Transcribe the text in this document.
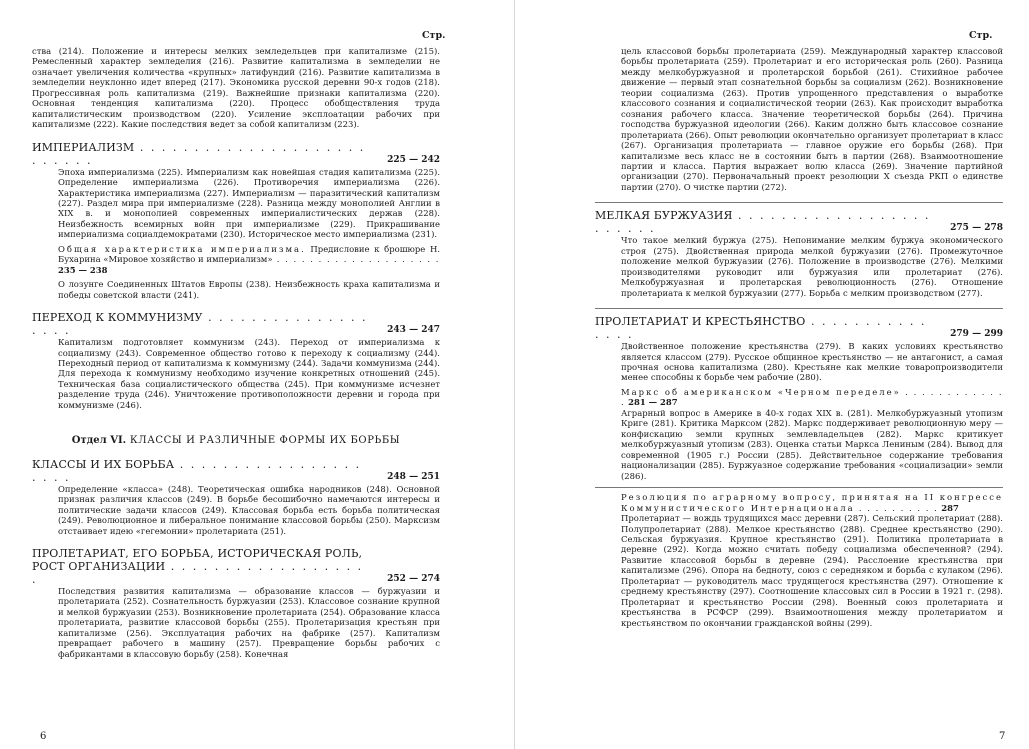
Стр.
ства (214). Положение и интересы мелких земледельцев при капитализме (215). Ремесленный характер земледелия (216). Развитие капитализма в земледелии не означает увеличения количества «крупных» латифундий (216). Развитие капитализма в земледелии неуклонно идет вперед (217). Экономика русской деревни 90-х годов (218). Прогрессивная роль капитализма (219). Важнейшие признаки капитализма (220). Основная тенденция капитализма (220). Процесс обобществления труда капиталистическим производством (220). Усиление эксплоатации рабочих при капитализме (222). Какие последствия ведет за собой капитализм (223).
ИМПЕРИАЛИЗМ . . . . . . . . . . . . . . . . . . . . . . . . . . .	225 — 242
Эпоха империализма (225). Империализм как новейшая стадия капитализма (225). Определение империализма (226). Противоречия империализма (226). Характеристика империализма (227). Империализм — паразитический капитализм (227). Раздел мира при империализме (228). Разница между монополией Англии в XIX в. и монополией современных империалистических держав (228). Неизбежность всемирных войн при империализме (229). Прикрашивание империализма социалдемократами (230). Историческое место империализма (231).
Общая характеристика империализма. Предисловие к брошюре Н. Бухарина «Мировое хозяйство и империализм» . . . . . . . . . . . . . . . . . . . . 235 — 238
О лозунге Соединенных Штатов Европы (238). Неизбежность краха капитализма и победы советской власти (241).
ПЕРЕХОД К КОММУНИЗМУ . . . . . . . . . . . . . . . . . . .	243 — 247
Капитализм подготовляет коммунизм (243). Переход от империализма к социализму (243). Современное общество готово к переходу к социализму (244). Переходный период от капитализма к коммунизму (244). Задачи коммунизма (244). Для перехода к коммунизму необходимо изучение конкретных отношений (245). Техническая база социалистического общества (245). При коммунизме исчезнет разделение труда (246). Уничтожение противоположности деревни и города при коммунизме (246).
Отдел VI. КЛАССЫ И РАЗЛИЧНЫЕ ФОРМЫ ИХ БОРЬБЫ
КЛАССЫ И ИХ БОРЬБА . . . . . . . . . . . . . . . . . . . . .	248 — 251
Определение «класса» (248). Теоретическая ошибка народников (248). Основной признак различия классов (249). В борьбе бесошибочно намечаются интересы и политические задачи классов (249). Классовая борьба есть борьба политическая (249). Революционное и либеральное понимание классовой борьбы (250). Марксизм отстаивает идею «гегемонии» пролетариата (251).
ПРОЛЕТАРИАТ, ЕГО БОРЬБА, ИСТОРИЧЕСКАЯ РОЛЬ, РОСТ ОРГАНИЗАЦИИ . . . . . . . . . . . . . . . . . . .	252 — 274
Последствия развития капитализма — образование классов — буржуазии и пролетариата (252). Сознательность буржуазии (253). Классовое сознание крупной и мелкой буржуазии (253). Возникновение пролетариата (254). Образование класса пролетариата, развитие классовой борьбы (255). Пролетаризация крестьян при капитализме (256). Эксплуатация рабочих на фабрике (257). Капитализм превращает рабочего в машину (257). Превращение борьбы рабочих с фабрикантами в классовую борьбу (258). Конечная
6
Стр.
цель классовой борьбы пролетариата (259). Международный характер классовой борьбы пролетариата (259). Пролетариат и его историческая роль (260). Разница между мелкобуржуазной и пролетарской борьбой (261). Стихийное рабочее движение — первый этап сознательной борьбы за социализм (262). Возникновение теории социализма (263). Против упрощенного представления о выработке классового сознания и социалистической теории (263). Как происходит выработка сознания рабочего класса. Значение теоретической борьбы (264). Причина господства буржуазной идеологии (266). Каким должно быть классовое сознание пролетариата (266). Опыт революции окончательно организует пролетариат в класс (267). Организация пролетариата — главное оружие его борьбы (268). При капитализме весь класс не в состоянии быть в партии (268). Взаимоотношение партии и класса. Партия выражает волю класса (269). Значение партийной организации (270). Первоначальный проект резолюции X съезда РКП о единстве партии (270). О чистке партии (272).
МЕЛКАЯ БУРЖУАЗИЯ . . . . . . . . . . . . . . . . . . . . . . . .	275 — 278
Что такое мелкий буржуа (275). Непонимание мелким буржуа экономического строя (275). Двойственная природа мелкой буржуазии (276). Промежуточное положение мелкой буржуазии (276). Положение в производстве (276). Мелкими производителями руководит или буржуазия или пролетариат (276). Мелкобуржуазная и пролетарская революционность (276). Отношение пролетариата к мелкой буржуазии (277). Борьба с мелким производством (277).
ПРОЛЕТАРИАТ И КРЕСТЬЯНСТВО . . . . . . . . . . . . . . .	279 — 299
Двойственное положение крестьянства (279). В каких условиях крестьянство является классом (279). Русское общинное крестьянство — не антагонист, а самая прочная основа капитализма (280). Крестьяне как мелкие товаропроизводители менее способны к борьбе чем рабочие (280).
Маркс об американском «Черном переделе» . . . . . . . . . . . . . 281 — 287
Аграрный вопрос в Америке в 40-х годах XIX в. (281). Мелкобуржуазный утопизм Криге (281). Критика Марксом (282). Маркс поддерживает революционную меру — конфискацию земли крупных землевладельцев (282). Маркс критикует мелкобуржуазный утопизм (283). Оценка статьи Маркса Лениным (284). Вывод для современной (1905 г.) России (285). Действительное содержание требования национализации (285). Буржуазное содержание требования «социализации» земли (286).
Резолюция по аграрному вопросу, принятая на II конгрессе Коммунистического Интернационала . . . . . . . . . . 287
Пролетариат — вождь трудящихся масс деревни (287). Сельский пролетариат (288). Полупролетариат (288). Мелкое крестьянство (288). Среднее крестьянство (290). Сельская буржуазия. Крупное крестьянство (291). Политика пролетариата в деревне (292). Когда можно считать победу социализма обеспеченной? (294). Развитие классовой борьбы в деревне (294). Расслоение крестьянства при капитализме (296). Опора на бедноту, союз с середняком и борьба с кулаком (296). Пролетариат — руководитель масс трудящегося крестьянства (297). Отношение к среднему крестьянству (297). Соотношение классовых сил в России в 1921 г. (298). Пролетариат и крестьянство России (298). Военный союз пролетариата и крестьянства в РСФСР (299). Взаимоотношения между пролетариатом и крестьянством по окончании гражданской войны (299).
7
